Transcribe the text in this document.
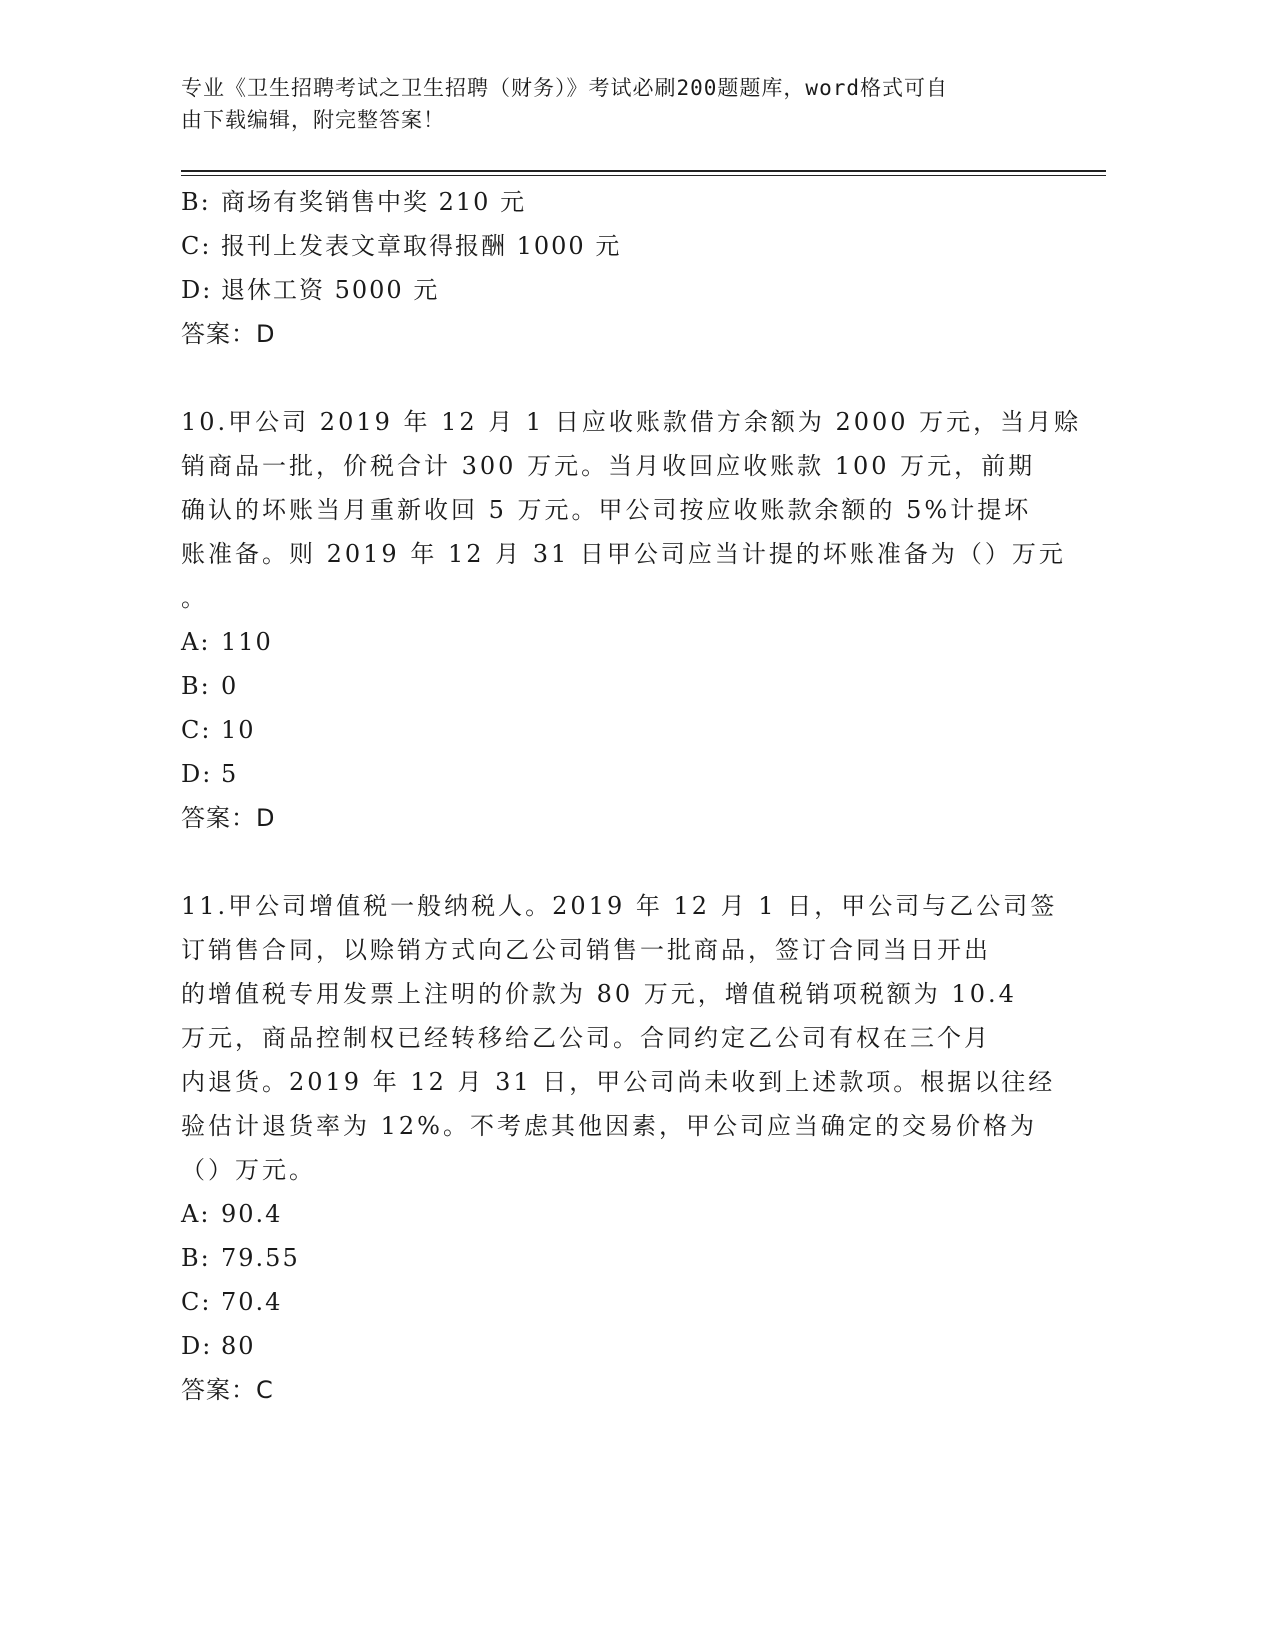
专业《卫生招聘考试之卫生招聘（财务）》考试必刷200题题库，word格式可自
由下载编辑，附完整答案！
B: 商场有奖销售中奖 210 元
C: 报刊上发表文章取得报酬 1000 元
D: 退休工资 5000 元
答案：D
10.甲公司 2019 年 12 月 1 日应收账款借方余额为 2000 万元，当月赊
销商品一批，价税合计 300 万元。当月收回应收账款 100 万元，前期
确认的坏账当月重新收回 5 万元。甲公司按应收账款余额的 5%计提坏
账准备。则 2019 年 12 月 31 日甲公司应当计提的坏账准备为（）万元
。
A: 110
B: 0
C: 10
D: 5
答案：D
11.甲公司增值税一般纳税人。2019 年 12 月 1 日，甲公司与乙公司签
订销售合同，以赊销方式向乙公司销售一批商品，签订合同当日开出
的增值税专用发票上注明的价款为 80 万元，增值税销项税额为 10.4
万元，商品控制权已经转移给乙公司。合同约定乙公司有权在三个月
内退货。2019 年 12 月 31 日，甲公司尚未收到上述款项。根据以往经
验估计退货率为 12%。不考虑其他因素，甲公司应当确定的交易价格为
（）万元。
A: 90.4
B: 79.55
C: 70.4
D: 80
答案：C
